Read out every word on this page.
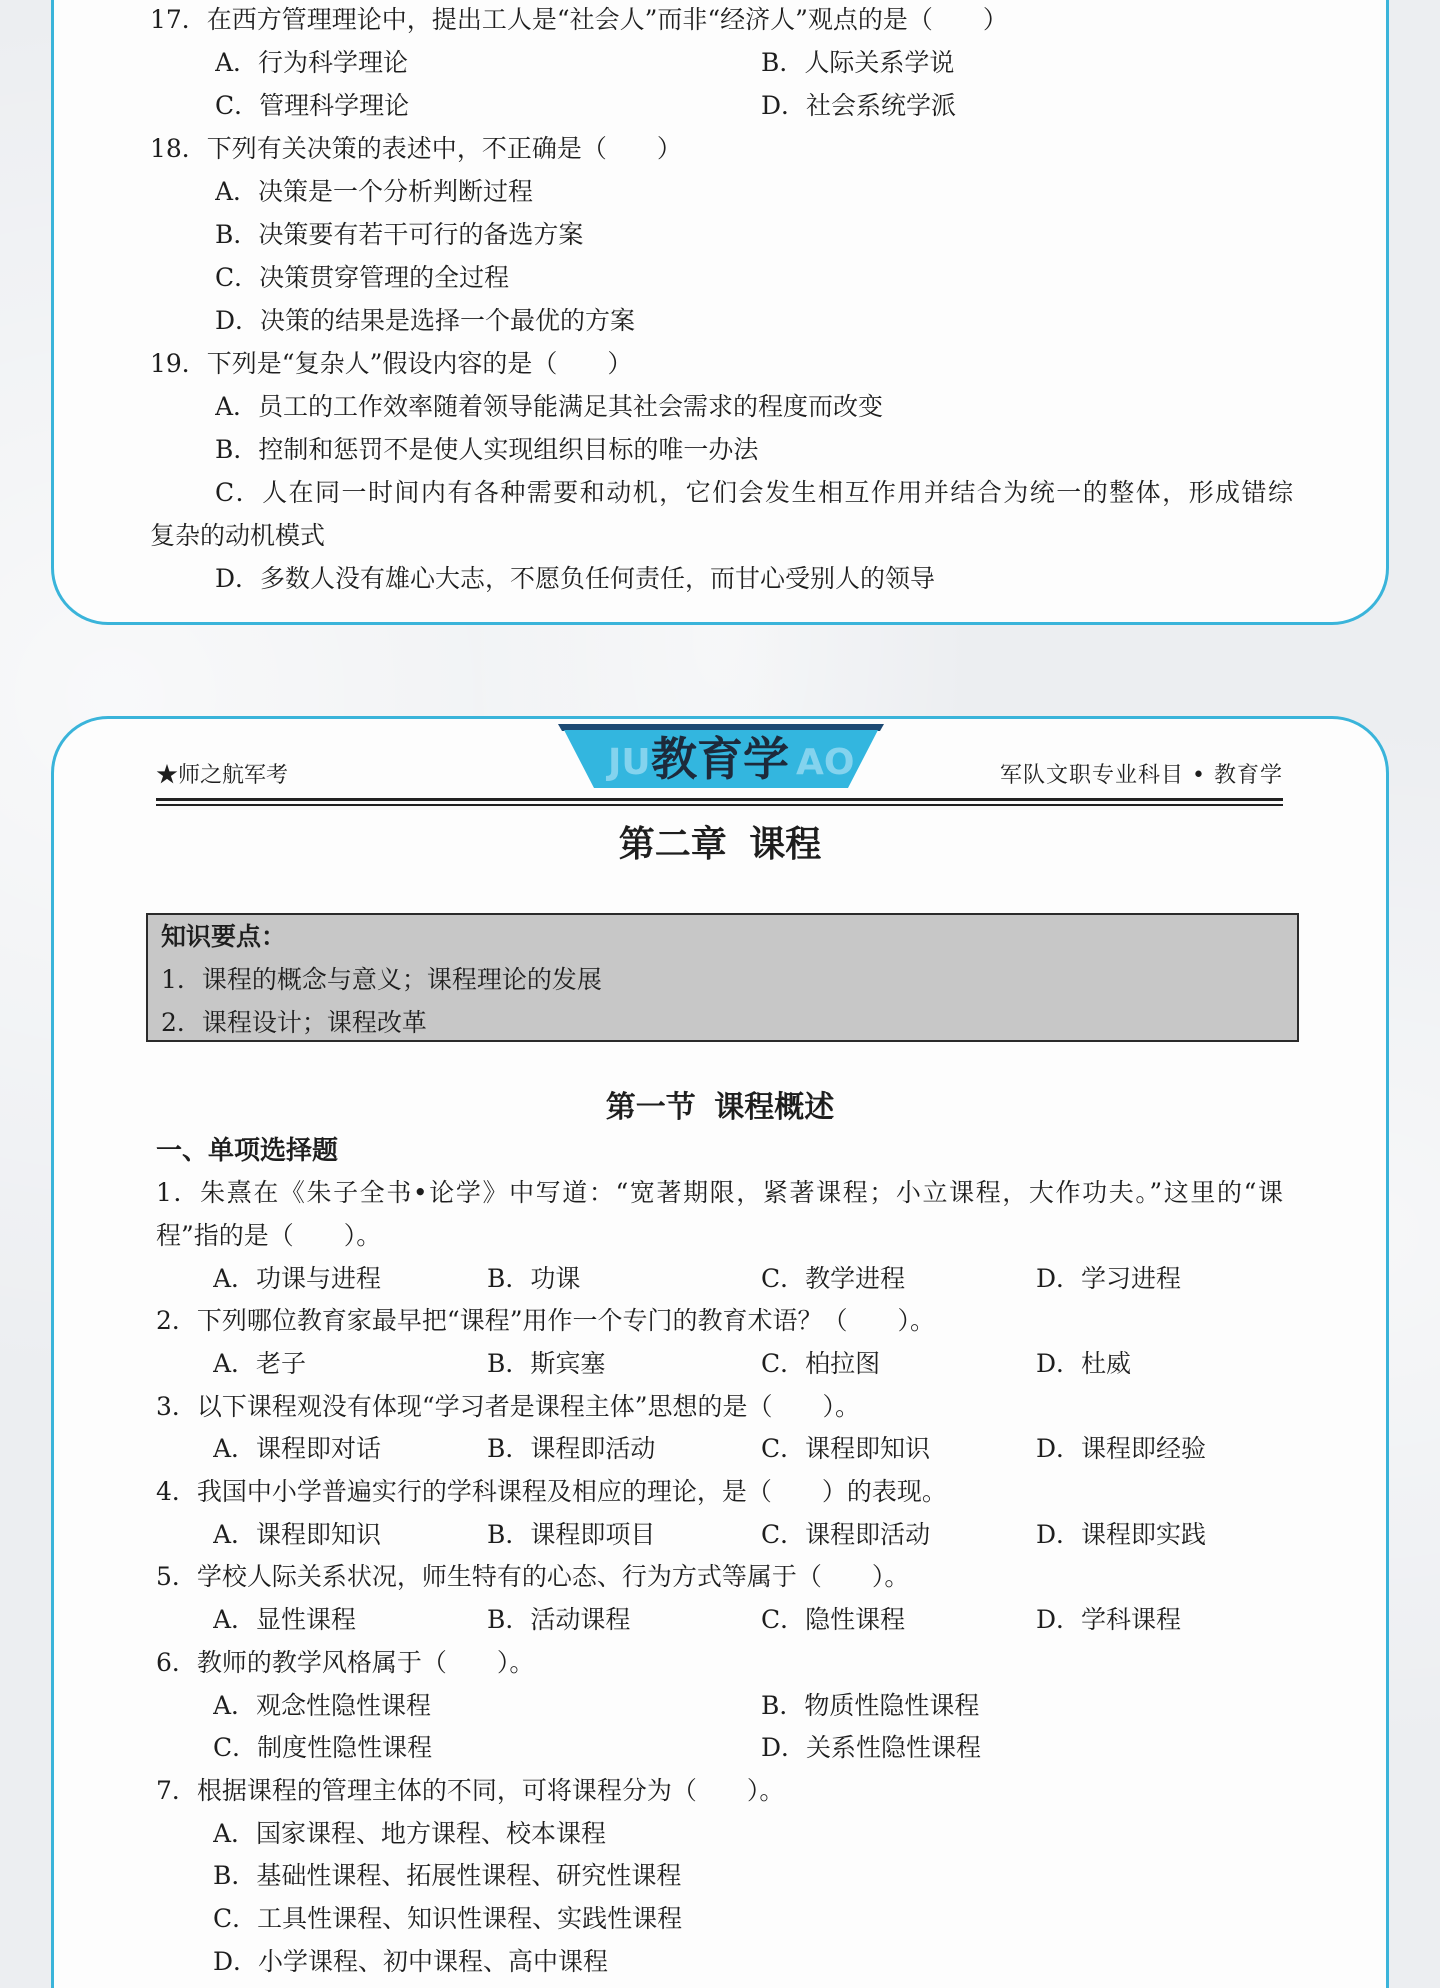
17．在西方管理理论中，提出工人是“社会人”而非“经济人”观点的是（　　）
A．行为科学理论	B．人际关系学说
C．管理科学理论	D．社会系统学派
18．下列有关决策的表述中，不正确是（　　）
A．决策是一个分析判断过程
B．决策要有若干可行的备选方案
C．决策贯穿管理的全过程
D．决策的结果是选择一个最优的方案
19．下列是“复杂人”假设内容的是（　　）
A．员工的工作效率随着领导能满足其社会需求的程度而改变
B．控制和惩罚不是使人实现组织目标的唯一办法
C．人在同一时间内有各种需要和动机，它们会发生相互作用并结合为统一的整体，形成错综
复杂的动机模式
D．多数人没有雄心大志，不愿负任何责任，而甘心受别人的领导
JU	AO
教育学
★师之航军考	军队文职专业科目 • 教育学
第二章 课程
知识要点：
1．课程的概念与意义；课程理论的发展
2．课程设计；课程改革
第一节 课程概述
一、单项选择题
1．朱熹在《朱子全书•论学》中写道：“宽著期限，紧著课程；小立课程，大作功夫。”这里的“课
程”指的是（　　）。
A．功课与进程	B．功课	C．教学进程	D．学习进程
2．下列哪位教育家最早把“课程”用作一个专门的教育术语？（　　）。
A．老子	B．斯宾塞	C．柏拉图	D．杜威
3．以下课程观没有体现“学习者是课程主体”思想的是（　　）。
A．课程即对话	B．课程即活动	C．课程即知识	D．课程即经验
4．我国中小学普遍实行的学科课程及相应的理论，是（　　）的表现。
A．课程即知识	B．课程即项目	C．课程即活动	D．课程即实践
5．学校人际关系状况，师生特有的心态、行为方式等属于（　　）。
A．显性课程	B．活动课程	C．隐性课程	D．学科课程
6．教师的教学风格属于（　　）。
A．观念性隐性课程	B．物质性隐性课程
C．制度性隐性课程	D．关系性隐性课程
7．根据课程的管理主体的不同，可将课程分为（　　）。
A．国家课程、地方课程、校本课程
B．基础性课程、拓展性课程、研究性课程
C．工具性课程、知识性课程、实践性课程
D．小学课程、初中课程、高中课程
